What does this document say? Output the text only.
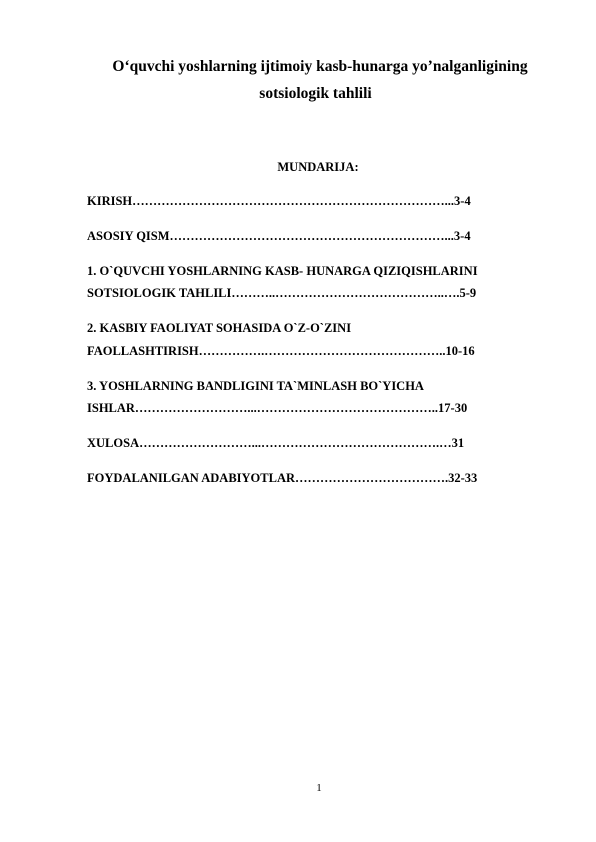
O‘quvchi yoshlarning ijtimoiy kasb-hunarga yo’nalganligining
sotsiologik tahlili
MUNDARIJA:
KIRISH…………………………………………………………………...3-4
ASOSIY QISM…………………………………………………………...3-4
1. O`QUVCHI YOSHLARNING KASB- HUNARGA QIZIQISHLARINI
SOTSIOLOGIK TAHLILI………..…………………………………..….5-9
2. KASBIY FAOLIYAT SOHASIDA O`Z-O`ZINI
FAOLLASHTIRISH…………….……………………………………..10-16
3. YOSHLARNING BANDLIGINI TA`MINLASH BO`YICHA
ISHLAR………………………...……………………………………..17-30
XULOSA………………………...…………………………………….…31
FOYDALANILGAN ADABIYOTLAR……………………………….32-33
1
